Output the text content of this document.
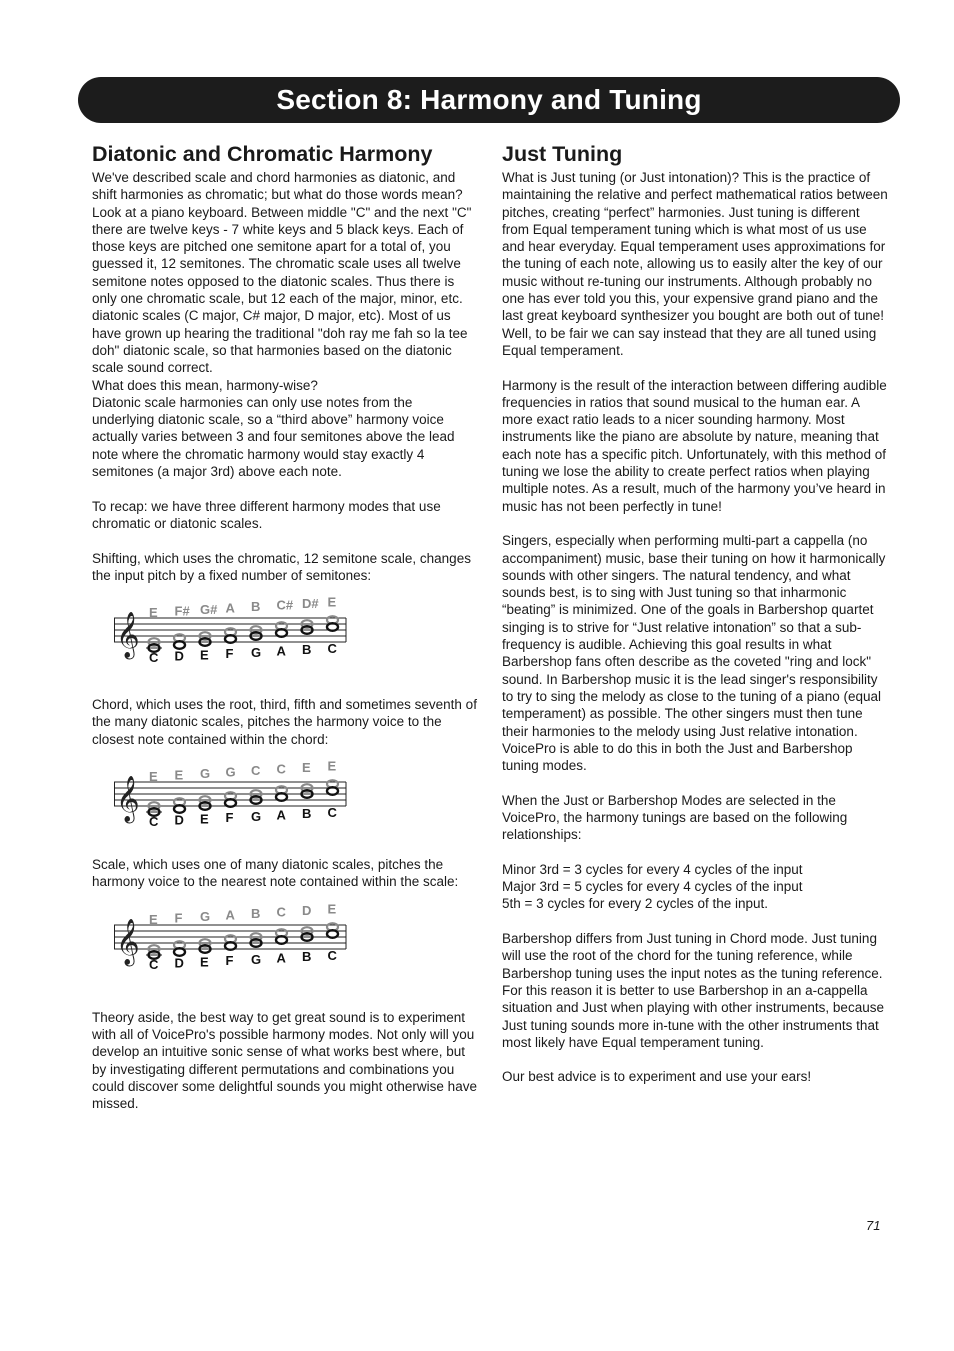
Section 8: Harmony and Tuning
Diatonic and Chromatic Harmony

We've described scale and chord harmonies as diatonic, and shift harmonies as chromatic; but what do those words mean?

Look at a piano keyboard. Between middle "C" and the next "C" there are twelve keys - 7 white keys and 5 black keys. Each of those keys are pitched one semitone apart for a total of, you guessed it, 12 semitones. The chromatic scale uses all twelve semitone notes opposed to the diatonic scales. Thus there is only one chromatic scale, but 12 each of the major, minor, etc. diatonic scales (C major, C# major, D major, etc). Most of us have grown up hearing the traditional "doh ray me fah so la tee doh" diatonic scale, so that harmonies based on the diatonic scale sound correct.

What does this mean, harmony-wise?

Diatonic scale harmonies can only use notes from the underlying diatonic scale, so a “third above” harmony voice actually varies between 3 and four semitones above the lead note where the chromatic harmony would stay exactly 4 semitones (a major 3rd) above each note.

To recap: we have three different harmony modes that use chromatic or diatonic scales.

Shifting, which uses the chromatic, 12 semitone scale, changes the input pitch by a fixed number of semitones:

𝄞
E
C
F#
D
G#
E
A
F
B
G
C#
A
D#
B
E
C

Chord, which uses the root, third, fifth and sometimes seventh of the many diatonic scales, pitches the harmony voice to the closest note contained within the chord:

𝄞
E
C
E
D
G
E
G
F
C
G
C
A
E
B
E
C

Scale, which uses one of many diatonic scales, pitches the harmony voice to the nearest note contained within the scale:

𝄞
E
C
F
D
G
E
A
F
B
G
C
A
D
B
E
C

Theory aside, the best way to get great sound is to experiment with all of VoicePro's possible harmony modes. Not only will you develop an intuitive sonic sense of what works best where, but by investigating different permutations and combinations you could discover some delightful sounds you might otherwise have missed.

Just Tuning

What is Just tuning (or Just intonation)? This is the practice of maintaining the relative and perfect mathematical ratios between pitches, creating “perfect” harmonies. Just tuning is different from Equal temperament tuning which is what most of us use and hear everyday. Equal temperament uses approximations for the tuning of each note, allowing us to easily alter the key of our music without re-tuning our instruments. Although probably no one has ever told you this, your expensive grand piano and the last great keyboard synthesizer you bought are both out of tune! Well, to be fair we can say instead that they are all tuned using Equal temperament.

Harmony is the result of the interaction between differing audible frequencies in ratios that sound musical to the human ear. A more exact ratio leads to a nicer sounding harmony. Most instruments like the piano are absolute by nature, meaning that each note has a specific pitch. Unfortunately, with this method of tuning we lose the ability to create perfect ratios when playing multiple notes. As a result, much of the harmony you’ve heard in music has not been perfectly in tune!

Singers, especially when performing multi-part a cappella (no accompaniment) music, base their tuning on how it harmonically sounds with other singers. The natural tendency, and what sounds best, is to sing with Just tuning so that inharmonic “beating” is minimized. One of the goals in Barbershop quartet singing is to strive for “Just relative intonation” so that a sub-frequency is audible. Achieving this goal results in what Barbershop fans often describe as the coveted "ring and lock" sound. In Barbershop music it is the lead singer's responsibility to try to sing the melody as close to the tuning of a piano (equal temperament) as possible. The other singers must then tune their harmonies to the melody using Just relative intonation. VoicePro is able to do this in both the Just and Barbershop tuning modes.

When the Just or Barbershop Modes are selected in the VoicePro, the harmony tunings are based on the following relationships:

Minor 3rd = 3 cycles for every 4 cycles of the input

Major 3rd = 5 cycles for every 4 cycles of the input

5th = 3 cycles for every 2 cycles of the input.

Barbershop differs from Just tuning in Chord mode. Just tuning will use the root of the chord for the tuning reference, while Barbershop tuning uses the input notes as the tuning reference. For this reason it is better to use Barbershop in an a-cappella situation and Just when playing with other instruments, because Just tuning sounds more in-tune with the other instruments that most likely have Equal temperament tuning.

Our best advice is to experiment and use your ears!

71
